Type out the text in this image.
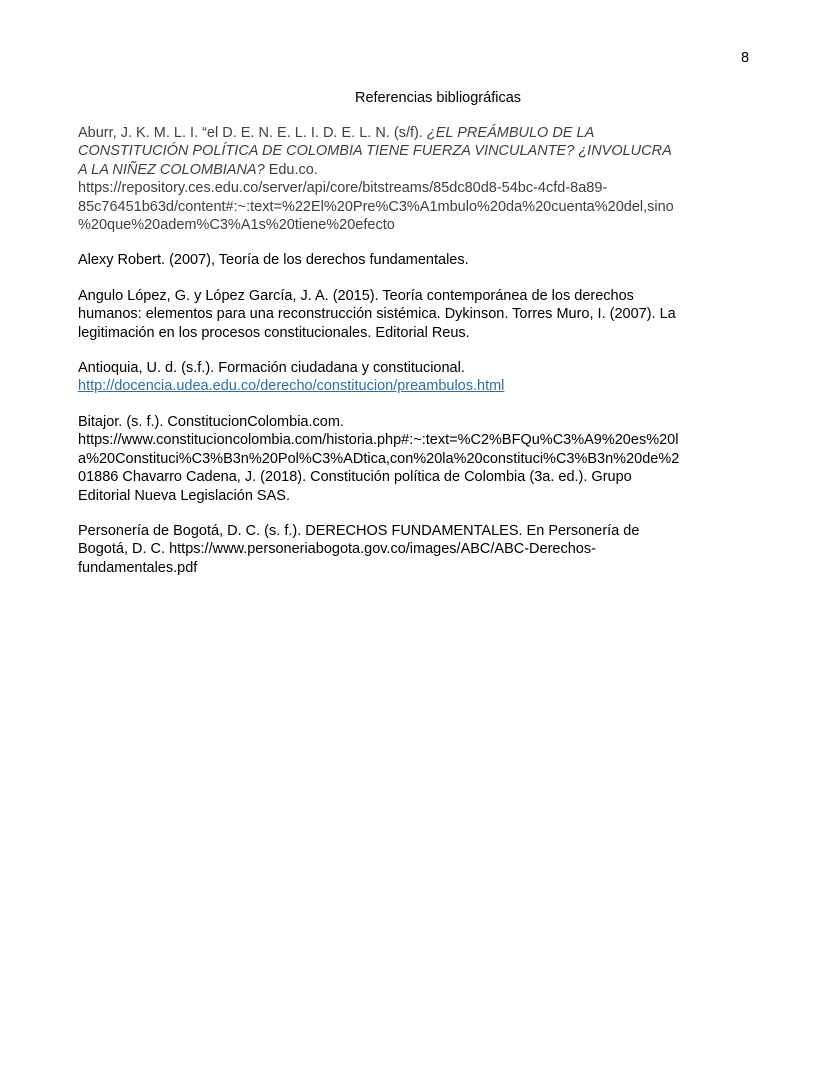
8
Referencias bibliográficas
Aburr, J. K. M. L. I. “el D. E. N. E. L. I. D. E. L. N. (s/f). ¿EL PREÁMBULO DE LA
CONSTITUCIÓN POLÍTICA DE COLOMBIA TIENE FUERZA VINCULANTE? ¿INVOLUCRA
A LA NIÑEZ COLOMBIANA? Edu.co.
https://repository.ces.edu.co/server/api/core/bitstreams/85dc80d8-54bc-4cfd-8a89-
85c76451b63d/content#:~:text=%22El%20Pre%C3%A1mbulo%20da%20cuenta%20del,sino
%20que%20adem%C3%A1s%20tiene%20efecto
Alexy Robert. (2007), Teoría de los derechos fundamentales.
Angulo López, G. y López García, J. A. (2015). Teoría contemporánea de los derechos
humanos: elementos para una reconstrucción sistémica. Dykinson. Torres Muro, I. (2007). La
legitimación en los procesos constitucionales. Editorial Reus.
Antioquia, U. d. (s.f.). Formación ciudadana y constitucional.
http://docencia.udea.edu.co/derecho/constitucion/preambulos.html
Bitajor. (s. f.). ConstitucionColombia.com.
https://www.constitucioncolombia.com/historia.php#:~:text=%C2%BFQu%C3%A9%20es%20l
a%20Constituci%C3%B3n%20Pol%C3%ADtica,con%20la%20constituci%C3%B3n%20de%2
01886 Chavarro Cadena, J. (2018). Constitución política de Colombia (3a. ed.). Grupo
Editorial Nueva Legislación SAS.
Personería de Bogotá, D. C. (s. f.). DERECHOS FUNDAMENTALES. En Personería de
Bogotá, D. C. https://www.personeriabogota.gov.co/images/ABC/ABC-Derechos-
fundamentales.pdf
